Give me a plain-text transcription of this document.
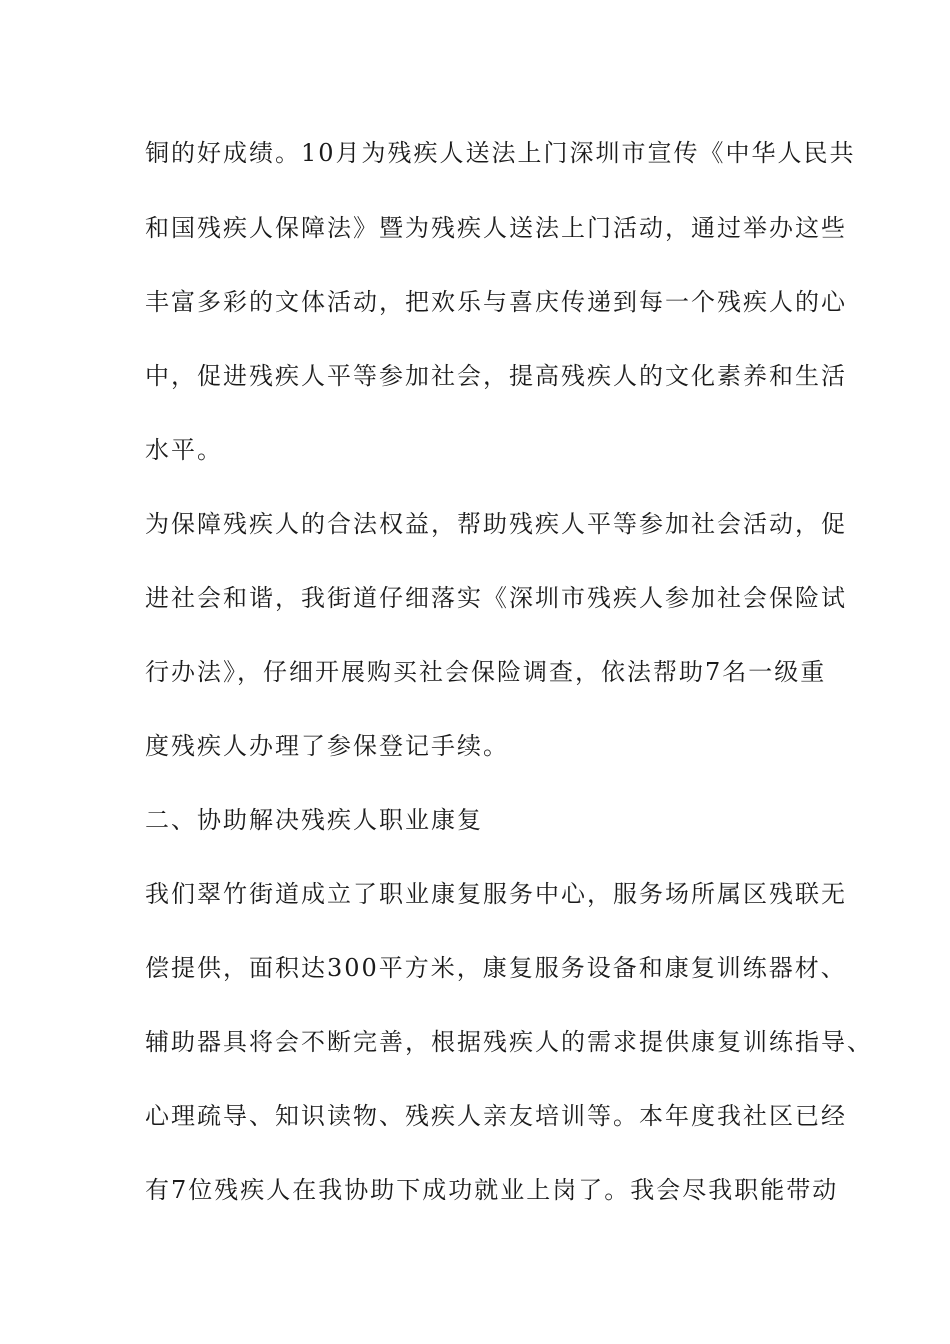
铜的好成绩。10月为残疾人送法上门深圳市宣传《中华人民共
和国残疾人保障法》暨为残疾人送法上门活动，通过举办这些
丰富多彩的文体活动，把欢乐与喜庆传递到每一个残疾人的心
中，促进残疾人平等参加社会，提高残疾人的文化素养和生活
水平。
为保障残疾人的合法权益，帮助残疾人平等参加社会活动，促
进社会和谐，我街道仔细落实《深圳市残疾人参加社会保险试
行办法》，仔细开展购买社会保险调查，依法帮助7名一级重
度残疾人办理了参保登记手续。
二、协助解决残疾人职业康复
我们翠竹街道成立了职业康复服务中心，服务场所属区残联无
偿提供，面积达300平方米，康复服务设备和康复训练器材、
辅助器具将会不断完善，根据残疾人的需求提供康复训练指导、
心理疏导、知识读物、残疾人亲友培训等。本年度我社区已经
有7位残疾人在我协助下成功就业上岗了。我会尽我职能带动
